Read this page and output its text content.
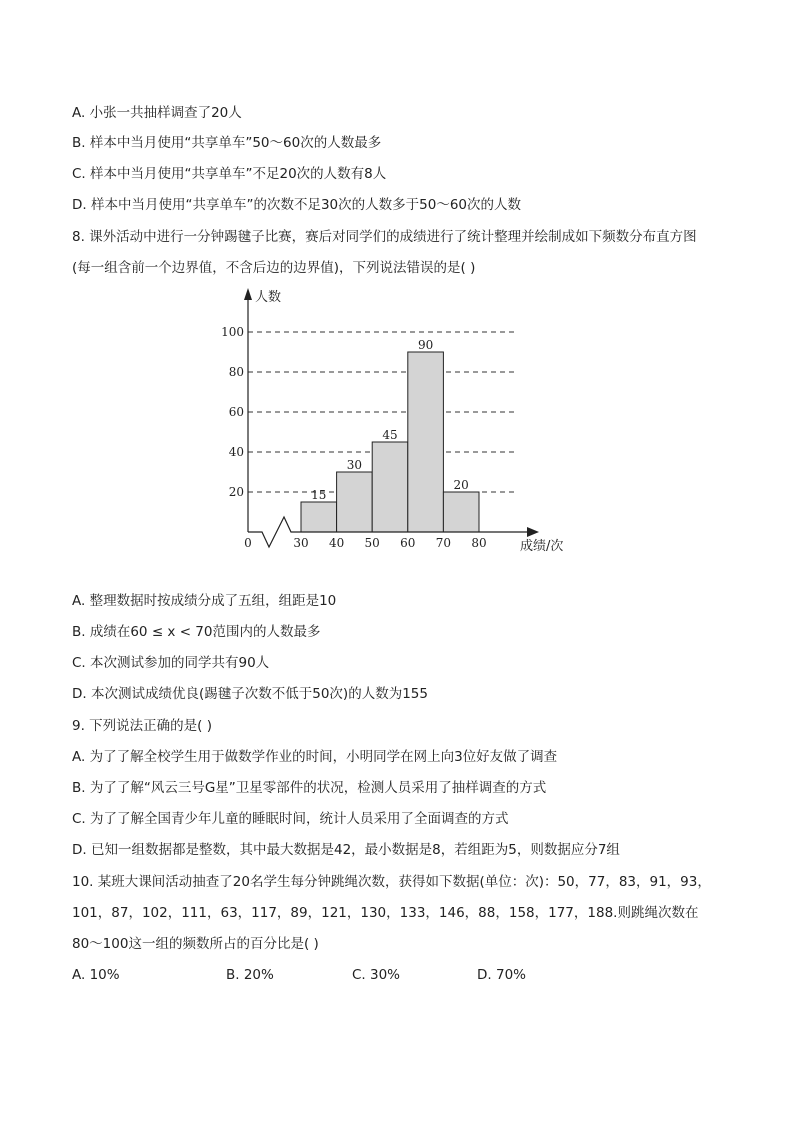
A. 小张一共抽样调查了20人
B. 样本中当月使用“共享单车”50～60次的人数最多
C. 样本中当月使用“共享单车”不足20次的人数有8人
D. 样本中当月使用“共享单车”的次数不足30次的人数多于50～60次的人数
8. 课外活动中进行一分钟踢毽子比赛，赛后对同学们的成绩进行了统计整理并绘制成如下频数分布直方图
(每一组含前一个边界值，不含后边的边界值)，下列说法错误的是( )
人数
成绩/次
0
20
40
60
80
100
15
30
45
90
20
30 40 50 60 70 80
A. 整理数据时按成绩分成了五组，组距是10
B. 成绩在60 ≤ x < 70范围内的人数最多
C. 本次测试参加的同学共有90人
D. 本次测试成绩优良(踢毽子次数不低于50次)的人数为155
9. 下列说法正确的是( )
A. 为了了解全校学生用于做数学作业的时间，小明同学在网上向3位好友做了调查
B. 为了了解“风云三号G星”卫星零部件的状况，检测人员采用了抽样调查的方式
C. 为了了解全国青少年儿童的睡眠时间，统计人员采用了全面调查的方式
D. 已知一组数据都是整数，其中最大数据是42，最小数据是8，若组距为5，则数据应分7组
10. 某班大课间活动抽查了20名学生每分钟跳绳次数，获得如下数据(单位：次)：50，77，83，91，93，
101，87，102，111，63，117，89，121，130，133，146，88，158，177，188.则跳绳次数在
80～100这一组的频数所占的百分比是( )
A. 10%	B. 20%	C. 30%	D. 70%
